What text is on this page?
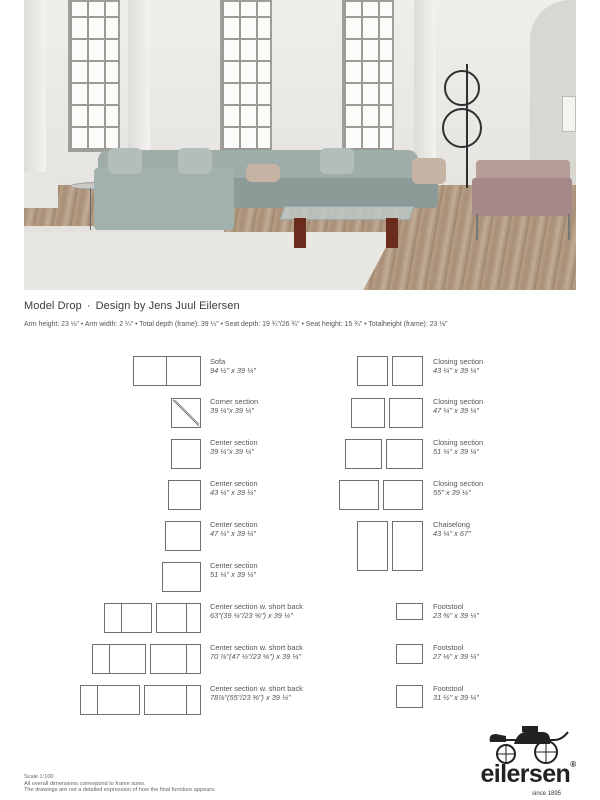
Model Drop · Design by Jens Juul Eilersen
Arm height: 23 ⅛" • Arm width: 2 ¼" • Total depth (frame): 39 ¼" • Seat depth: 19 ¾"/26 ¾" • Seat height: 15 ¾" • Totalheight (frame): 23 ⅛"
Sofa
94 ½" x 39 ¼"
Corner section
39 ¼"x 39 ¼"
Center section
39 ¼"x 39 ¼"
Center section
43 ¼" x 39 ¼"
Center section
47 ¼" x 39 ¼"
Center section
51 ¼" x 39 ¼"
Center section w. short back
63"(39 ¼"/23 ⅝") x 39 ¼"
Center section w. short back
70 ⅞"(47 ¼"/23 ⅝") x 39 ¼"
Center section w. short back
78⅞"(55"/23 ⅝") x 39 ¼"
Closing section
43 ¼" x 39 ¼"
Closing section
47 ¼" x 39 ¼"
Closing section
51 ¼" x 39 ¼"
Closing section
55" x 39 ¼"
Chaiselong
43 ¼" x 67"
Footstool
23 ⅝" x 39 ¼"
Footstool
27 ⅛" x 39 ¼"
Footstool
31 ½" x 39 ¼"
Scale 1:100
All overall dimensions correspond to frame sizes.
The drawings are not a detailed expression of how the final furniture appears.
eilersen®
since 1895
